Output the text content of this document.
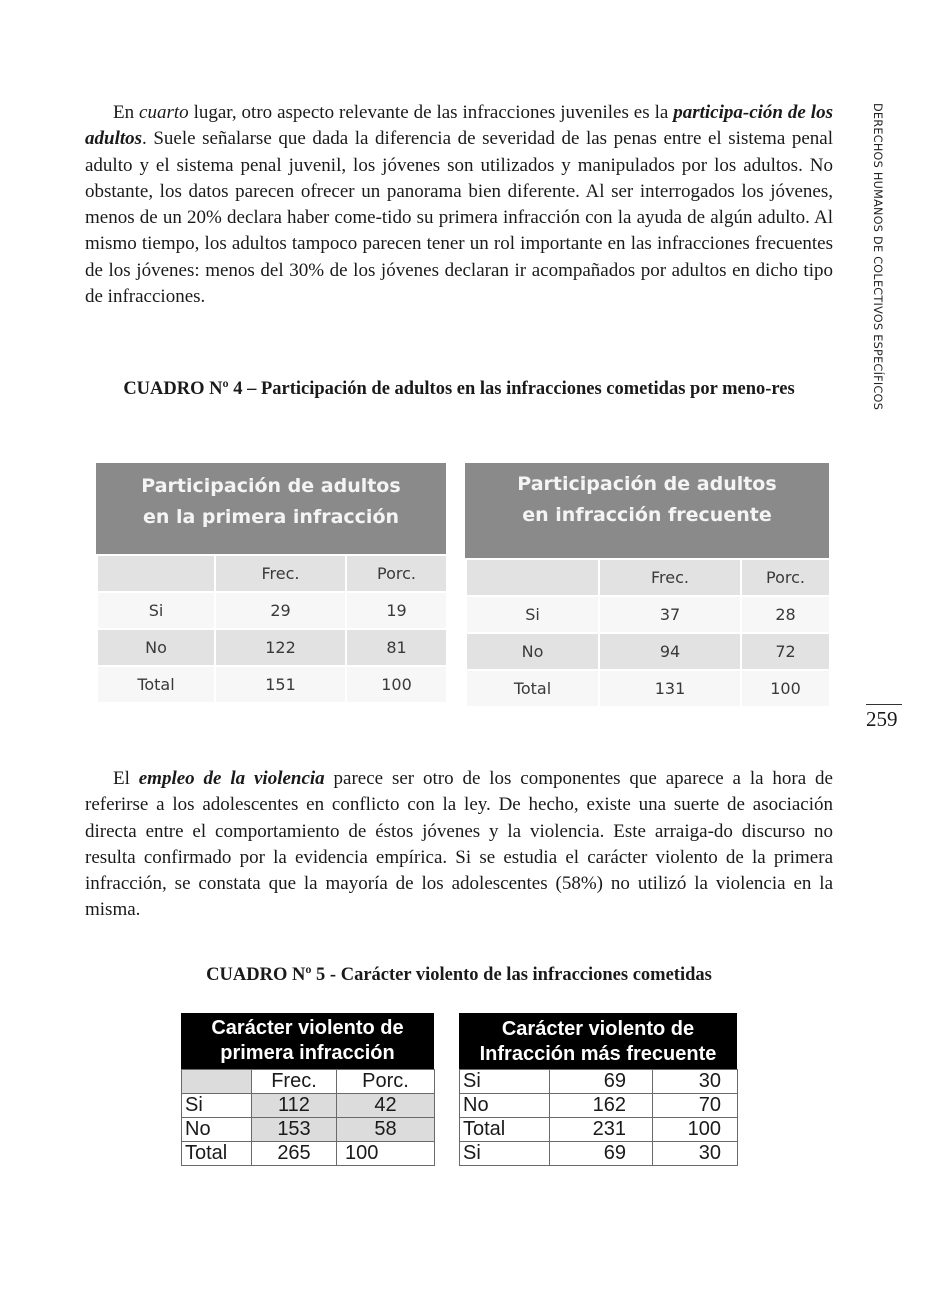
DERECHOS HUMANOS DE COLECTIVOS ESPECÍFICOS
259

En cuarto lugar, otro aspecto relevante de las infracciones juveniles es la participa-ción de los adultos. Suele señalarse que dada la diferencia de severidad de las penas entre el sistema penal adulto y el sistema penal juvenil, los jóvenes son utilizados y manipulados por los adultos. No obstante, los datos parecen ofrecer un panorama bien diferente. Al ser interrogados los jóvenes, menos de un 20% declara haber come-tido su primera infracción con la ayuda de algún adulto. Al mismo tiempo, los adultos tampoco parecen tener un rol importante en las infracciones frecuentes de los jóvenes: menos del 30% de los jóvenes declaran ir acompañados por adultos en dicho tipo de infracciones.

CUADRO Nº 4 – Participación de adultos en las infracciones cometidas por meno-res

Participación de adultos
en la primera infracción
	Frec.	Porc.
Si	29	19
No	122	81
Total	151	100
Participación de adultos
en infracción frecuente
	Frec.	Porc.
Si	37	28
No	94	72
Total	131	100

El empleo de la violencia parece ser otro de los componentes que aparece a la hora de referirse a los adolescentes en conflicto con la ley. De hecho, existe una suerte de asociación directa entre el comportamiento de éstos jóvenes y la violencia. Este arraiga-do discurso no resulta confirmado por la evidencia empírica. Si se estudia el carácter violento de la primera infracción, se constata que la mayoría de los adolescentes (58%) no utilizó la violencia en la misma.

CUADRO Nº 5 - Carácter violento de las infracciones cometidas

Carácter violento de
primera infracción
	Frec.	Porc.
Si	112	42
No	153	58
Total	265	100
Carácter violento de
Infracción más frecuente
Si	69	30
No	162	70
Total	231	100
Si	69	30
